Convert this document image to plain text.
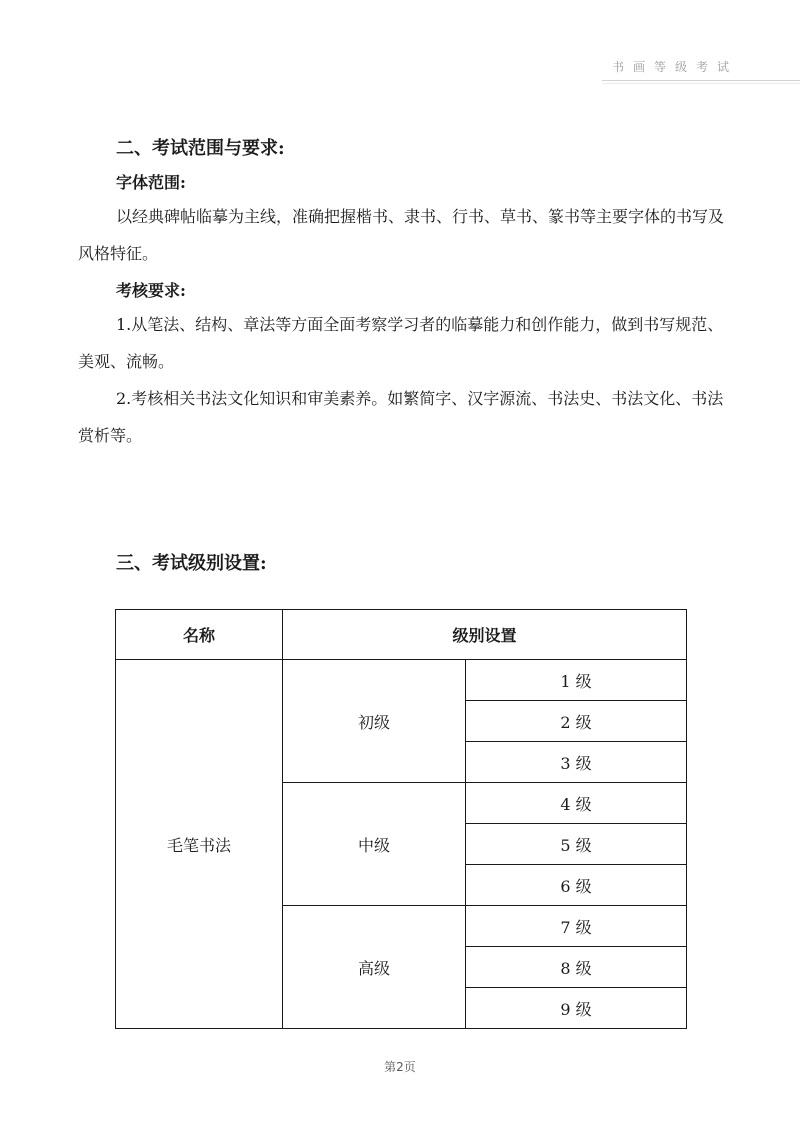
书画等级考试
二、考试范围与要求:
字体范围:
以经典碑帖临摹为主线，准确把握楷书、隶书、行书、草书、篆书等主要字体的书写及风格特征。
考核要求:
1.从笔法、结构、章法等方面全面考察学习者的临摹能力和创作能力，做到书写规范、美观、流畅。
2.考核相关书法文化知识和审美素养。如繁简字、汉字源流、书法史、书法文化、书法赏析等。
三、考试级别设置:
名称	级别设置	
毛笔书法	初级	1 级
		2 级
		3 级
	中级	4 级
		5 级
		6 级
	高级	7 级
		8 级
		9 级
第2页
